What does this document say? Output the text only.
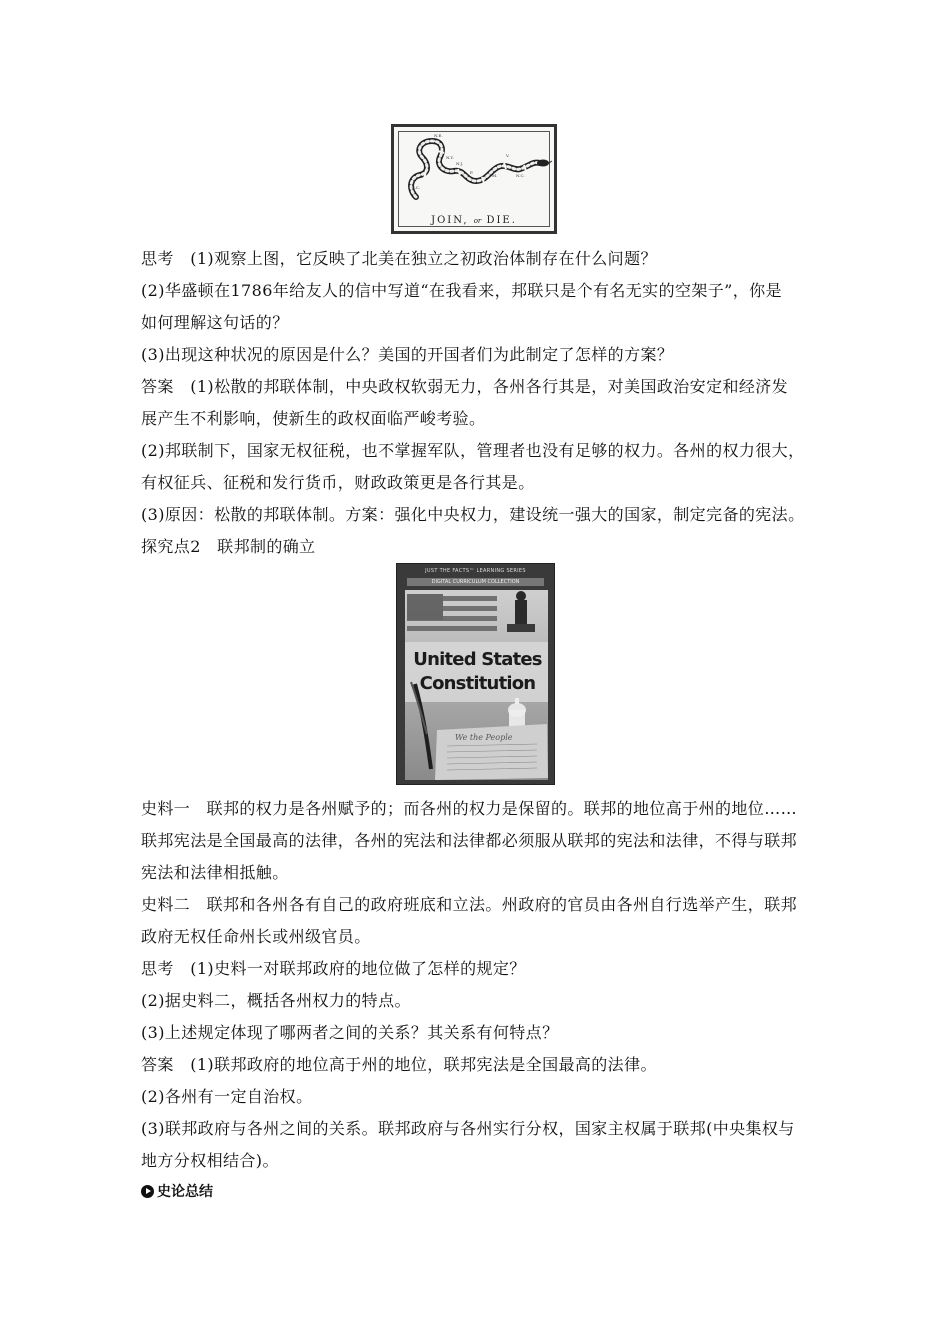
N.E.
N.Y.
N.J.
P.
M.
V.
N.C.
S.C.
JOIN, or DIE.
思考　(1)观察上图，它反映了北美在独立之初政治体制存在什么问题？
(2)华盛顿在1786年给友人的信中写道“在我看来，邦联只是个有名无实的空架子”，你是
如何理解这句话的？
(3)出现这种状况的原因是什么？美国的开国者们为此制定了怎样的方案？
答案　(1)松散的邦联体制，中央政权软弱无力，各州各行其是，对美国政治安定和经济发
展产生不利影响，使新生的政权面临严峻考验。
(2)邦联制下，国家无权征税，也不掌握军队，管理者也没有足够的权力。各州的权力很大，
有权征兵、征税和发行货币，财政政策更是各行其是。
(3)原因：松散的邦联体制。方案：强化中央权力，建设统一强大的国家，制定完备的宪法。
探究点2　联邦制的确立
We the People
JUST THE FACTS™ LEARNING SERIES
DIGITAL CURRICULUM COLLECTION
United States
Constitution
史料一　联邦的权力是各州赋予的；而各州的权力是保留的。联邦的地位高于州的地位……
联邦宪法是全国最高的法律，各州的宪法和法律都必须服从联邦的宪法和法律，不得与联邦
宪法和法律相抵触。
史料二　联邦和各州各有自己的政府班底和立法。州政府的官员由各州自行选举产生，联邦
政府无权任命州长或州级官员。
思考　(1)史料一对联邦政府的地位做了怎样的规定？
(2)据史料二，概括各州权力的特点。
(3)上述规定体现了哪两者之间的关系？其关系有何特点？
答案　(1)联邦政府的地位高于州的地位，联邦宪法是全国最高的法律。
(2)各州有一定自治权。
(3)联邦政府与各州之间的关系。联邦政府与各州实行分权，国家主权属于联邦(中央集权与
地方分权相结合)。
史论总结
